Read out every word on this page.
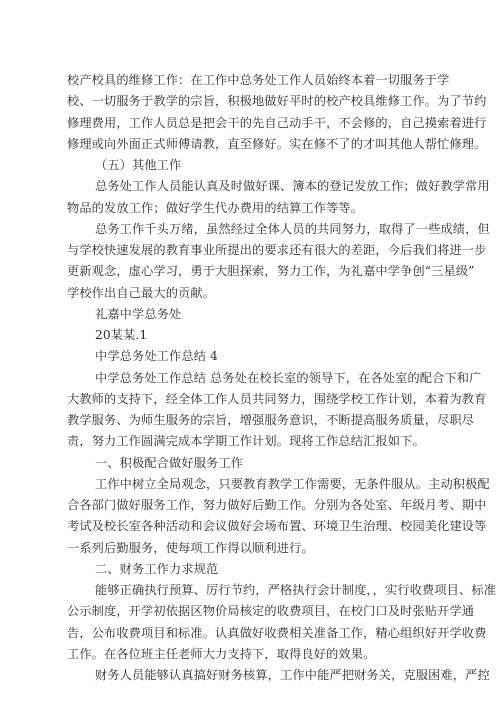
校产校具的维修工作：在工作中总务处工作人员始终本着一切服务于学
校、一切服务于教学的宗旨，积极地做好平时的校产校具维修工作。为了节约
修理费用，工作人员总是把会干的先自己动手干，不会修的，自己摸索着进行
修理或向外面正式师傅请教，直至修好。实在修不了的才叫其他人帮忙修理。
（五）其他工作
总务处工作人员能认真及时做好课、簿本的登记发放工作；做好教学常用
物品的发放工作；做好学生代办费用的结算工作等等。
总务工作千头万绪，虽然经过全体人员的共同努力，取得了一些成绩，但
与学校快速发展的教育事业所提出的要求还有很大的差距，今后我们将进一步
更新观念，虚心学习，勇于大胆探索，努力工作，为礼嘉中学争创“三星级”
学校作出自己最大的贡献。
礼嘉中学总务处
20某某.1
中学总务处工作总结 4
中学总务处工作总结 总务处在校长室的领导下，在各处室的配合下和广
大教师的支持下，经全体工作人员共同努力，围绕学校工作计划，本着为教育
教学服务、为师生服务的宗旨，增强服务意识，不断提高服务质量，尽职尽
责，努力工作圆满完成本学期工作计划。现将工作总结汇报如下。
一、积极配合做好服务工作
工作中树立全局观念，只要教育教学工作需要，无条件服从。主动积极配
合各部门做好服务工作，努力做好后勤工作。分别为各处室、年级月考、期中
考试及校长室各种活动和会议做好会场布置、环境卫生治理、校园美化建设等
一系列后勤服务，使每项工作得以顺利进行。
二、财务工作力求规范
能够正确执行预算、厉行节约，严格执行会计制度，，实行收费项目、标准
公示制度，开学初依据区物价局核定的收费项目，在校门口及时张贴开学通
告，公布收费项目和标准。认真做好收费相关准备工作，精心组织好开学收费
工作。在各位班主任老师大力支持下，取得良好的效果。
财务人员能够认真搞好财务核算，工作中能严把财务关，克服困难，严控
